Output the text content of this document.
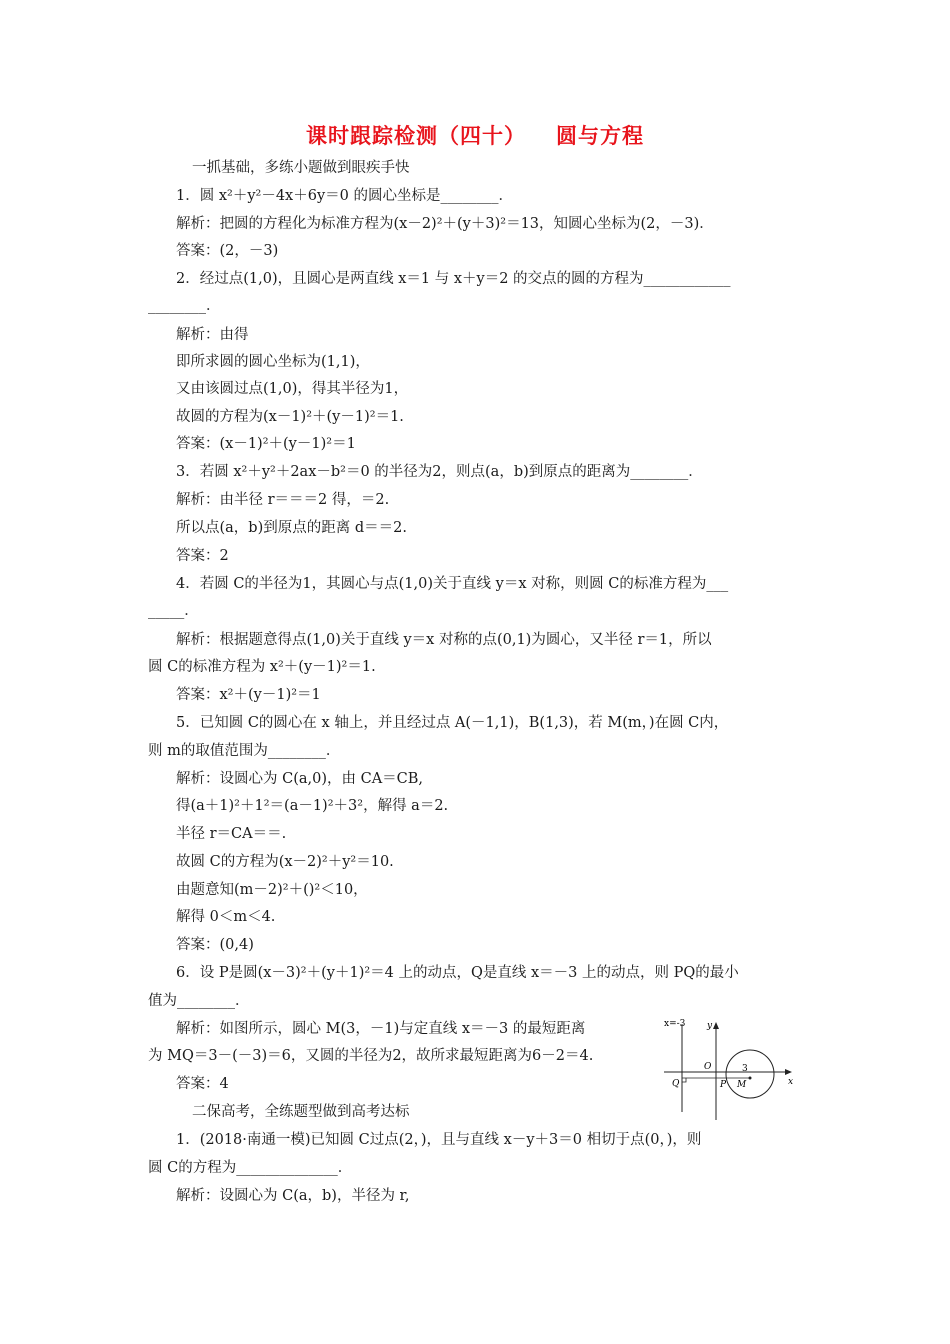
课时跟踪检测（四十） 圆与方程
一抓基础，多练小题做到眼疾手快
1．圆 x²＋y²－4x＋6y＝0 的圆心坐标是________．
解析：把圆的方程化为标准方程为(x－2)²＋(y＋3)²＝13，知圆心坐标为(2，－3)．
答案：(2，－3)
2．经过点(1,0)，且圆心是两直线 x＝1 与 x＋y＝2 的交点的圆的方程为____________
________．
解析：由得
即所求圆的圆心坐标为(1,1)，
又由该圆过点(1,0)，得其半径为1，
故圆的方程为(x－1)²＋(y－1)²＝1.
答案：(x－1)²＋(y－1)²＝1
3．若圆 x²＋y²＋2ax－b²＝0 的半径为2，则点(a，b)到原点的距离为________．
解析：由半径 r＝＝＝2 得，＝2.
所以点(a，b)到原点的距离 d＝＝2.
答案：2
4．若圆 C的半径为1，其圆心与点(1,0)关于直线 y＝x 对称，则圆 C的标准方程为___
_____．
解析：根据题意得点(1,0)关于直线 y＝x 对称的点(0,1)为圆心，又半径 r＝1，所以
圆 C的标准方程为 x²＋(y－1)²＝1.
答案：x²＋(y－1)²＝1
5．已知圆 C的圆心在 x 轴上，并且经过点 A(－1,1)，B(1,3)，若 M(m，)在圆 C内，
则 m的取值范围为________．
解析：设圆心为 C(a,0)，由 CA＝CB,
得(a＋1)²＋1²＝(a－1)²＋3²，解得 a＝2.
半径 r＝CA＝＝.
故圆 C的方程为(x－2)²＋y²＝10.
由题意知(m－2)²＋()²＜10，
解得 0＜m＜4.
答案：(0,4)
6．设 P是圆(x－3)²＋(y＋1)²＝4 上的动点，Q是直线 x＝－3 上的动点，则 PQ的最小
值为________．
解析：如图所示，圆心 M(3，－1)与定直线 x＝－3 的最短距离
为 MQ＝3－(－3)＝6，又圆的半径为2，故所求最短距离为6－2＝4.
答案：4
二保高考，全练题型做到高考达标
1．(2018·南通一模)已知圆 C过点(2，)，且与直线 x－y＋3＝0 相切于点(0，)，则
圆 C的方程为______________．
解析：设圆心为 C(a，b)，半径为 r,
x=-3 y
x
O
Q	P M
3
